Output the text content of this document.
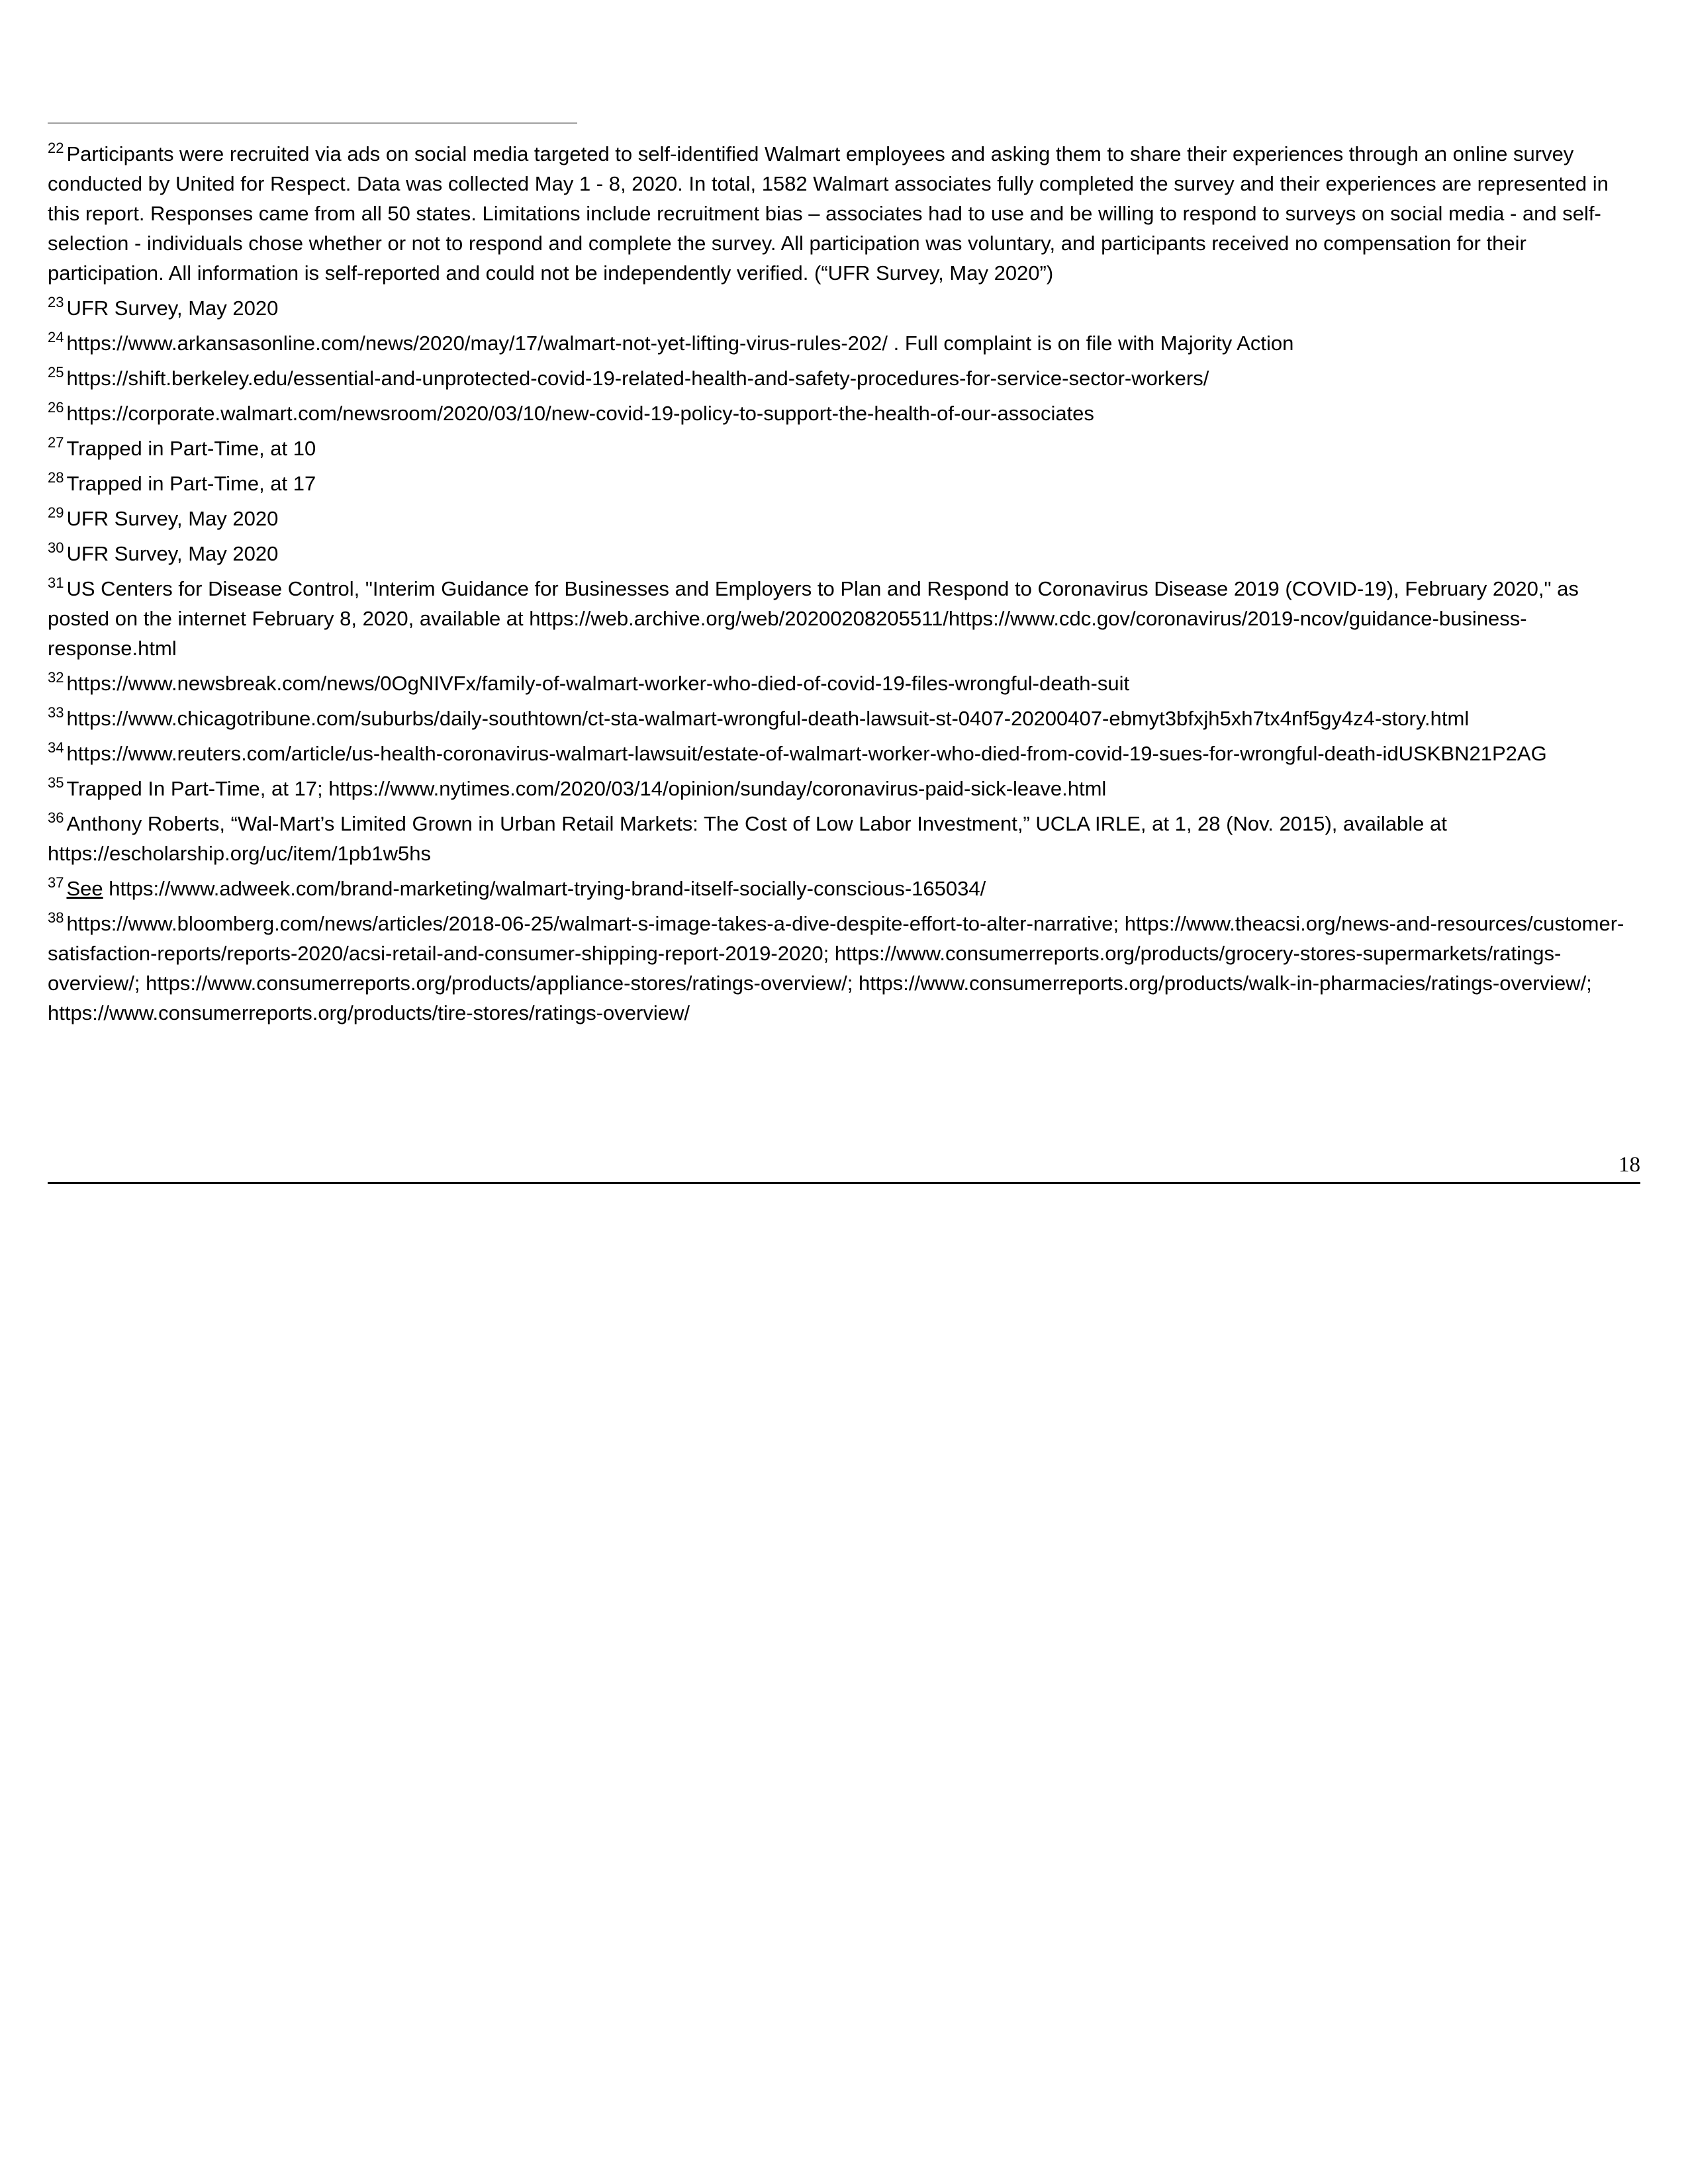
$^{22}$ Participants were recruited via ads on social media targeted to self-identified Walmart employees and asking them to share their experiences through an online survey conducted by United for Respect. Data was collected May 1 - 8, 2020. In total, 1582 Walmart associates fully completed the survey and their experiences are represented in this report. Responses came from all 50 states. Limitations include recruitment bias – associates had to use and be willing to respond to surveys on social media - and self-selection - individuals chose whether or not to respond and complete the survey. All participation was voluntary, and participants received no compensation for their participation. All information is self-reported and could not be independently verified. (“UFR Survey, May 2020”)

$^{23}$ UFR Survey, May 2020

$^{24}$ https://www.arkansasonline.com/news/2020/may/17/walmart-not-yet-lifting-virus-rules-202/ . Full complaint is on file with Majority Action

$^{25}$ https://shift.berkeley.edu/essential-and-unprotected-covid-19-related-health-and-safety-procedures-for-service-sector-workers/

$^{26}$ https://corporate.walmart.com/newsroom/2020/03/10/new-covid-19-policy-to-support-the-health-of-our-associates

$^{27}$ Trapped in Part-Time, at 10

$^{28}$ Trapped in Part-Time, at 17

$^{29}$ UFR Survey, May 2020

$^{30}$ UFR Survey, May 2020

$^{31}$ US Centers for Disease Control, "Interim Guidance for Businesses and Employers to Plan and Respond to Coronavirus Disease 2019 (COVID-19), February 2020," as posted on the internet February 8, 2020, available at https://web.archive.org/web/20200208205511/https://www.cdc.gov/coronavirus/2019-ncov/guidance-business-response.html

$^{32}$ https://www.newsbreak.com/news/0OgNIVFx/family-of-walmart-worker-who-died-of-covid-19-files-wrongful-death-suit

$^{33}$ https://www.chicagotribune.com/suburbs/daily-southtown/ct-sta-walmart-wrongful-death-lawsuit-st-0407-20200407-ebmyt3bfxjh5xh7tx4nf5gy4z4-story.html

$^{34}$ https://www.reuters.com/article/us-health-coronavirus-walmart-lawsuit/estate-of-walmart-worker-who-died-from-covid-19-sues-for-wrongful-death-idUSKBN21P2AG

$^{35}$ Trapped In Part-Time, at 17; https://www.nytimes.com/2020/03/14/opinion/sunday/coronavirus-paid-sick-leave.html

$^{36}$ Anthony Roberts, “Wal-Mart’s Limited Grown in Urban Retail Markets: The Cost of Low Labor Investment,” UCLA IRLE, at 1, 28 (Nov. 2015), available at https://escholarship.org/uc/item/1pb1w5hs

$^{37}$ See https://www.adweek.com/brand-marketing/walmart-trying-brand-itself-socially-conscious-165034/

$^{38}$ https://www.bloomberg.com/news/articles/2018-06-25/walmart-s-image-takes-a-dive-despite-effort-to-alter-narrative; https://www.theacsi.org/news-and-resources/customer-satisfaction-reports/reports-2020/acsi-retail-and-consumer-shipping-report-2019-2020; https://www.consumerreports.org/products/grocery-stores-supermarkets/ratings-overview/; https://www.consumerreports.org/products/appliance-stores/ratings-overview/; https://www.consumerreports.org/products/walk-in-pharmacies/ratings-overview/; https://www.consumerreports.org/products/tire-stores/ratings-overview/

18
